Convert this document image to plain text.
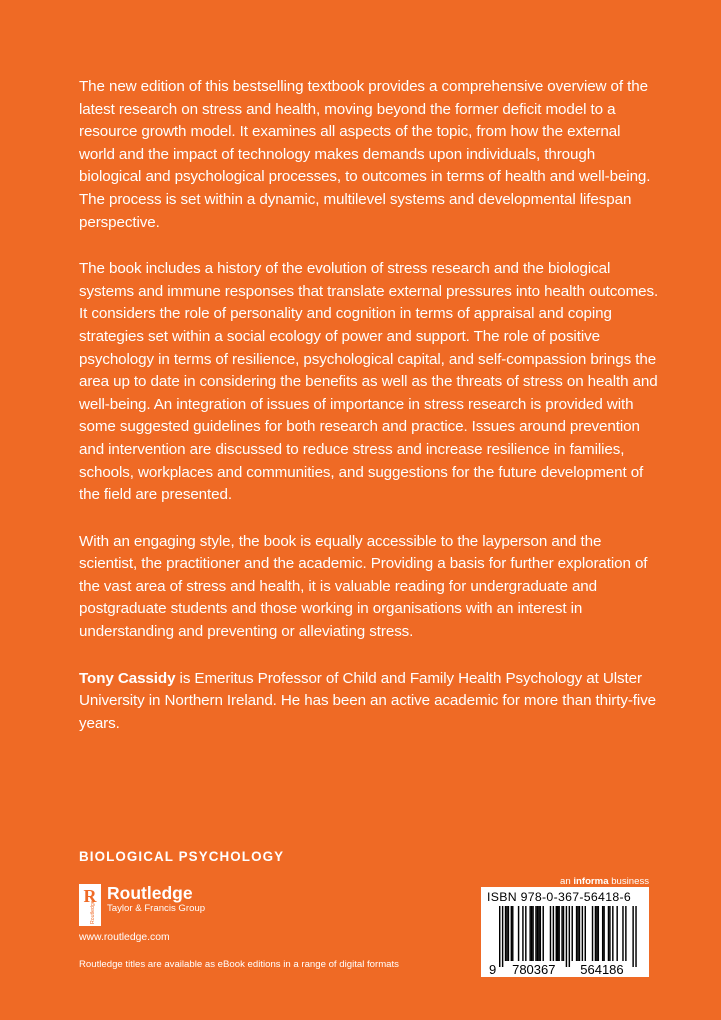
The new edition of this bestselling textbook provides a comprehensive overview of the latest research on stress and health, moving beyond the former deficit model to a resource growth model. It examines all aspects of the topic, from how the external world and the impact of technology makes demands upon individuals, through biological and psychological processes, to outcomes in terms of health and well-being. The process is set within a dynamic, multilevel systems and developmental lifespan perspective.

The book includes a history of the evolution of stress research and the biological systems and immune responses that translate external pressures into health outcomes. It considers the role of personality and cognition in terms of appraisal and coping strategies set within a social ecology of power and support. The role of positive psychology in terms of resilience, psychological capital, and self-compassion brings the area up to date in considering the benefits as well as the threats of stress on health and well-being. An integration of issues of importance in stress research is provided with some suggested guidelines for both research and practice. Issues around prevention and intervention are discussed to reduce stress and increase resilience in families, schools, workplaces and communities, and suggestions for the future development of the field are presented.

With an engaging style, the book is equally accessible to the layperson and the scientist, the practitioner and the academic. Providing a basis for further exploration of the vast area of stress and health, it is valuable reading for undergraduate and postgraduate students and those working in organisations with an interest in understanding and preventing or alleviating stress.

Tony Cassidy is Emeritus Professor of Child and Family Health Psychology at Ulster University in Northern Ireland. He has been an active academic for more than thirty-five years.

BIOLOGICAL PSYCHOLOGY
R
Routledge
Routledge
Taylor & Francis Group
www.routledge.com
Routledge titles are available as eBook editions in a range of digital formats
an informa business
ISBN 978-0-367-56418-6
9 780367 564186
